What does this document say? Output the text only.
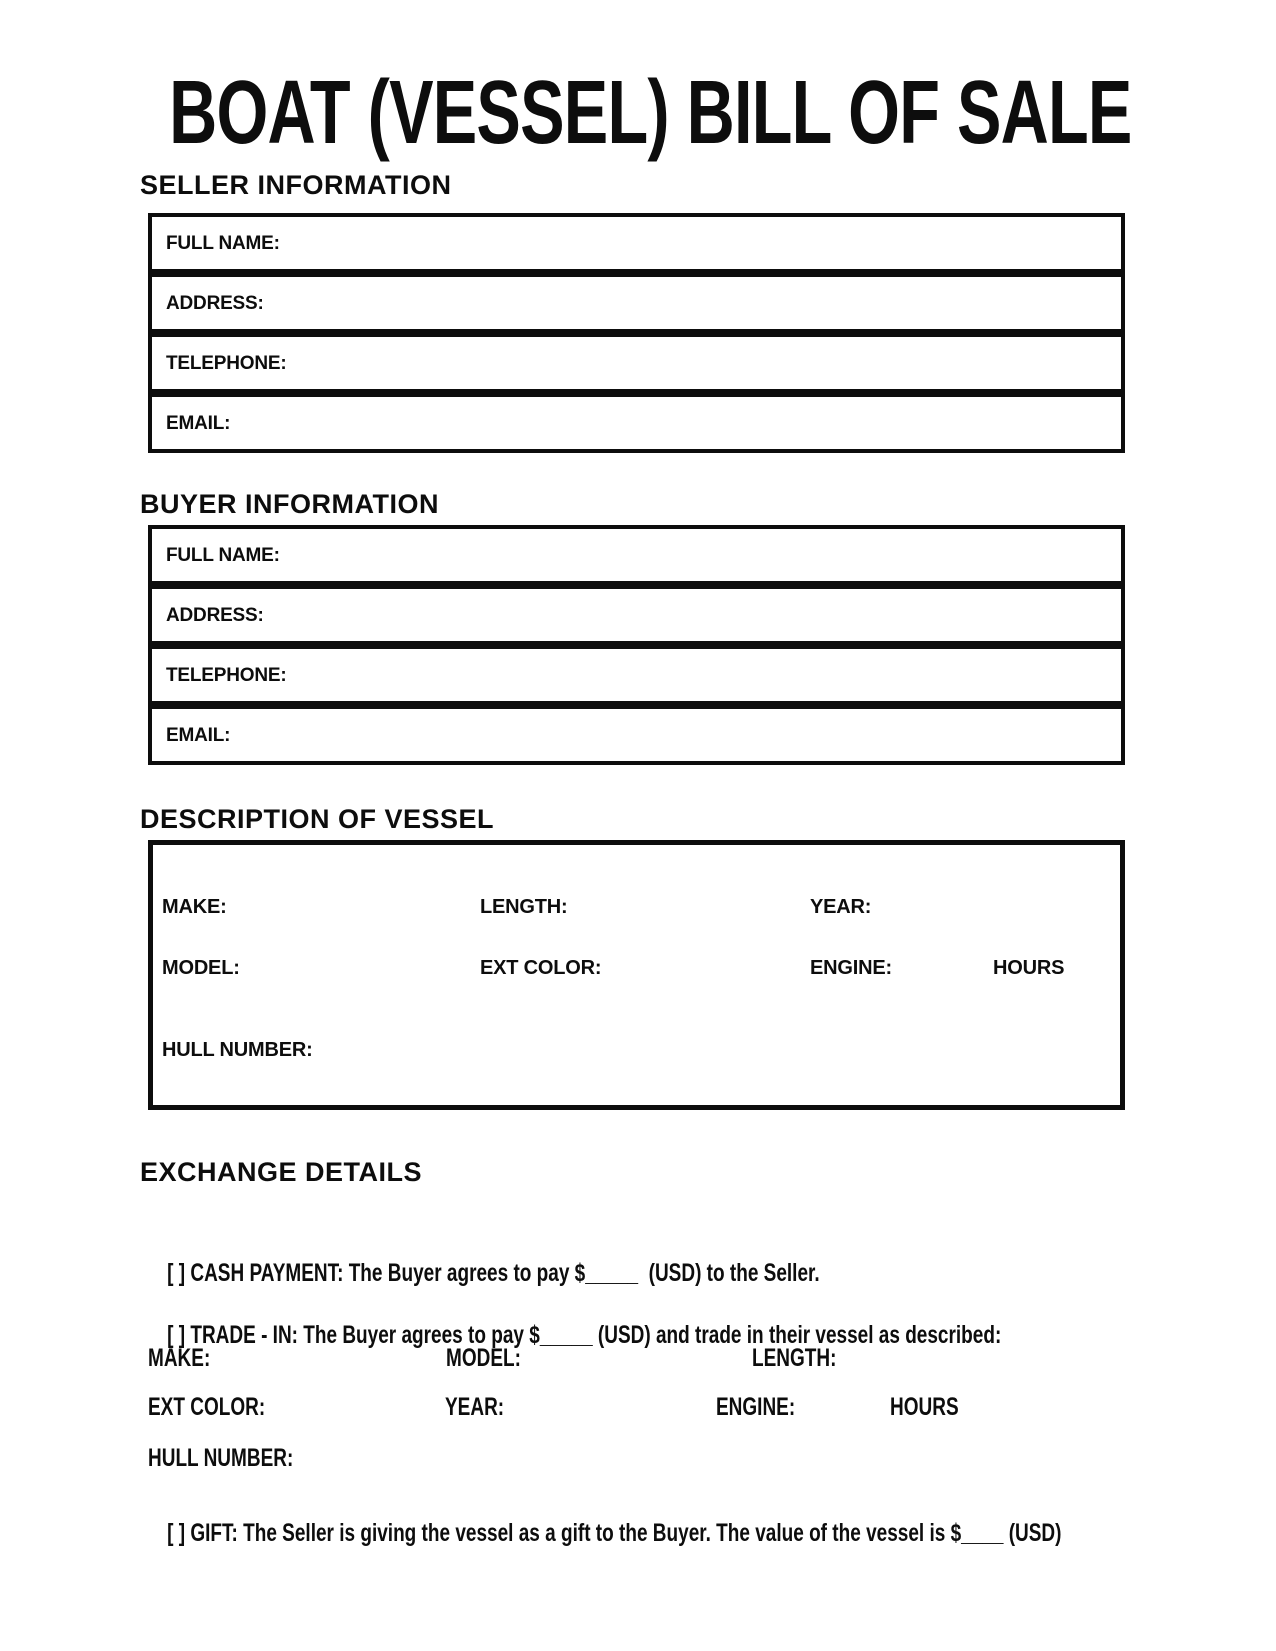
BOAT (VESSEL) BILL OF SALE
SELLER INFORMATION
FULL NAME:
ADDRESS:
TELEPHONE:
EMAIL:
BUYER INFORMATION
FULL NAME:
ADDRESS:
TELEPHONE:
EMAIL:
DESCRIPTION OF VESSEL
MAKE:	LENGTH:	YEAR:
MODEL:	EXT COLOR:	ENGINE:	HOURS
HULL NUMBER:
EXCHANGE DETAILS

[ ] CASH PAYMENT: The Buyer agrees to pay $_____  (USD) to the Seller.

[ ] TRADE - IN: The Buyer agrees to pay $_____ (USD) and trade in their vessel as described:

MAKE:	MODEL:	LENGTH:
EXT COLOR:	YEAR:	ENGINE:	HOURS
HULL NUMBER:

[ ] GIFT: The Seller is giving the vessel as a gift to the Buyer. The value of the vessel is $____ (USD)
